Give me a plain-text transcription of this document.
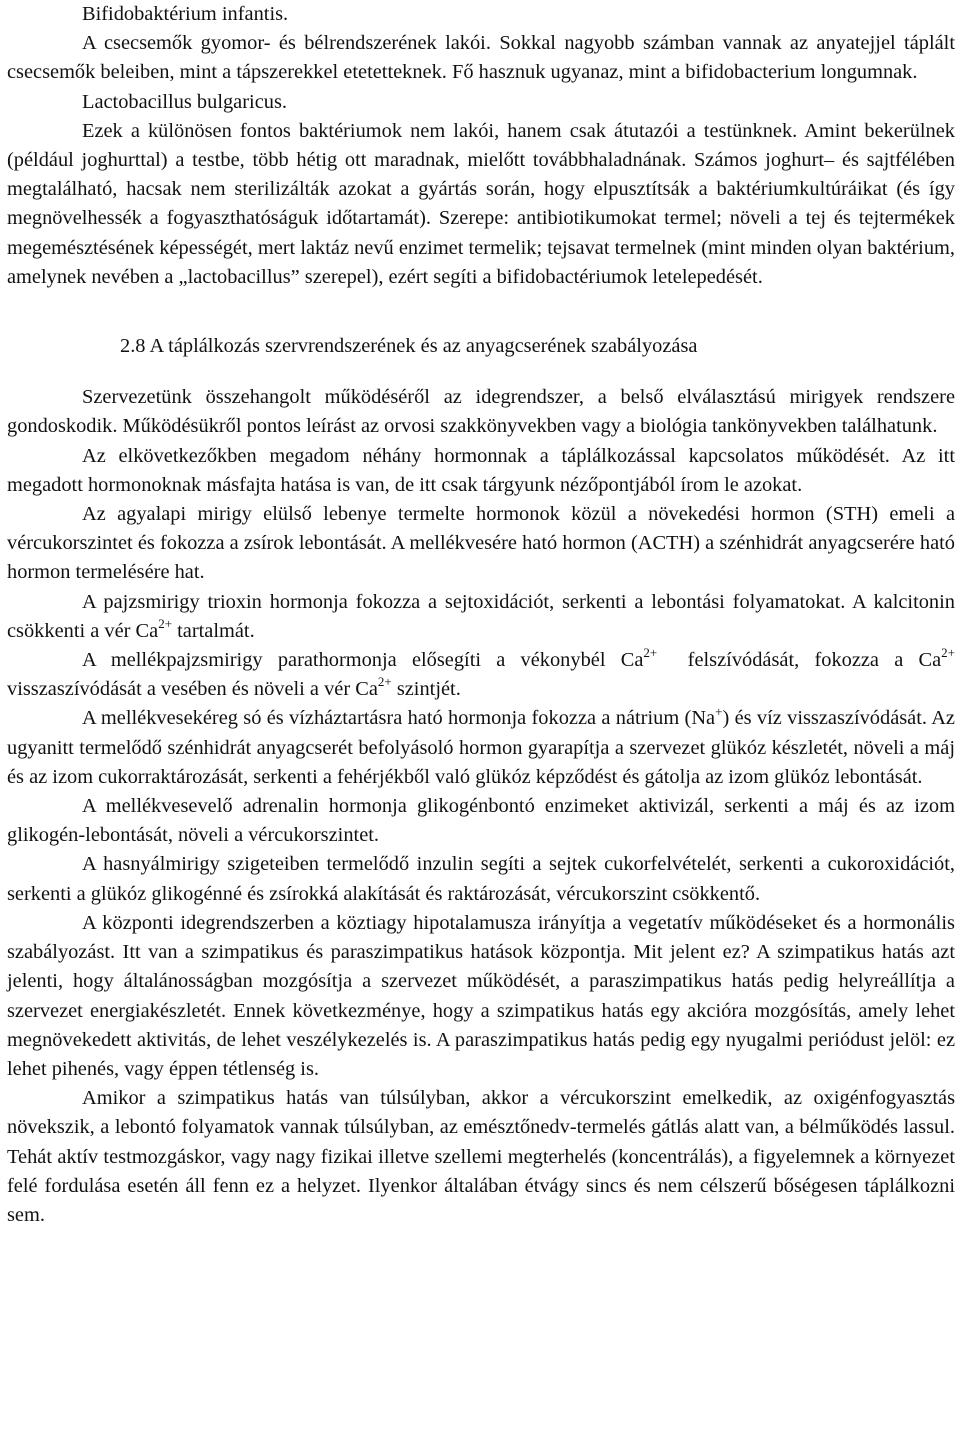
Bifidobaktérium infantis.

A csecsemők gyomor- és bélrendszerének lakói. Sokkal nagyobb számban vannak az anyatejjel táplált csecsemők beleiben, mint a tápszerekkel etetetteknek. Fő hasznuk ugyanaz, mint a bifidobacterium longumnak.

Lactobacillus bulgaricus.

Ezek a különösen fontos baktériumok nem lakói, hanem csak átutazói a testünknek. Amint bekerülnek (például joghurttal) a testbe, több hétig ott maradnak, mielőtt továbbhaladnának. Számos joghurt– és sajtfélében megtalálható, hacsak nem sterilizálták azokat a gyártás során, hogy elpusztítsák a baktériumkultúráikat (és így megnövelhessék a fogyaszthatóságuk időtartamát). Szerepe: antibiotikumokat termel; növeli a tej és tejtermékek megemésztésének képességét, mert laktáz nevű enzimet termelik; tejsavat termelnek (mint minden olyan baktérium, amelynek nevében a „lactobacillus” szerepel), ezért segíti a bifidobactériumok letelepedését.

2.8 A táplálkozás szervrendszerének és az anyagcserének szabályozása

Szervezetünk összehangolt működéséről az idegrendszer, a belső elválasztású mirigyek rendszere gondoskodik. Működésükről pontos leírást az orvosi szakkönyvekben vagy a biológia tankönyvekben találhatunk.

Az elkövetkezőkben megadom néhány hormonnak a táplálkozással kapcsolatos működését. Az itt megadott hormonoknak másfajta hatása is van, de itt csak tárgyunk nézőpontjából írom le azokat.

Az agyalapi mirigy elülső lebenye termelte hormonok közül a növekedési hormon (STH) emeli a vércukorszintet és fokozza a zsírok lebontását. A mellékvesére ható hormon (ACTH) a szénhidrát anyagcserére ható hormon termelésére hat.

A pajzsmirigy trioxin hormonja fokozza a sejtoxidációt, serkenti a lebontási folyamatokat. A kalcitonin csökkenti a vér $Ca^{2+}$ tartalmát.

A mellékpajzsmirigy parathormonja elősegíti a vékonybél $Ca^{2+}$  felszívódását, fokozza a $Ca^{2+}$ visszaszívódását a vesében és növeli a vér $Ca^{2+}$ szintjét.

A mellékvesekéreg só és vízháztartásra ható hormonja fokozza a nátrium (Na+) és víz visszaszívódását. Az ugyanitt termelődő szénhidrát anyagcserét befolyásoló hormon gyarapítja a szervezet glükóz készletét, növeli a máj és az izom cukorraktározását, serkenti a fehérjékből való glükóz képződést és gátolja az izom glükóz lebontását.

A mellékvesevelő adrenalin hormonja glikogénbontó enzimeket aktivizál, serkenti a máj és az izom glikogén-lebontását, növeli a vércukorszintet.

A hasnyálmirigy szigeteiben termelődő inzulin segíti a sejtek cukorfelvételét, serkenti a cukoroxidációt, serkenti a glükóz glikogénné és zsírokká alakítását és raktározását, vércukorszint csökkentő.

A központi idegrendszerben a köztiagy hipotalamusza irányítja a vegetatív működéseket és a hormonális szabályozást. Itt van a szimpatikus és paraszimpatikus hatások központja. Mit jelent ez? A szimpatikus hatás azt jelenti, hogy általánosságban mozgósítja a szervezet működését, a paraszimpatikus hatás pedig helyreállítja a szervezet energiakészletét. Ennek következménye, hogy a szimpatikus hatás egy akcióra mozgósítás, amely lehet megnövekedett aktivitás, de lehet veszélykezelés is. A paraszimpatikus hatás pedig egy nyugalmi periódust jelöl: ez lehet pihenés, vagy éppen tétlenség is.

Amikor a szimpatikus hatás van túlsúlyban, akkor a vércukorszint emelkedik, az oxigénfogyasztás növekszik, a lebontó folyamatok vannak túlsúlyban, az emésztőnedv-termelés gátlás alatt van, a bélműködés lassul. Tehát aktív testmozgáskor, vagy nagy fizikai illetve szellemi megterhelés (koncentrálás), a figyelemnek a környezet felé fordulása esetén áll fenn ez a helyzet. Ilyenkor általában étvágy sincs és nem célszerű bőségesen táplálkozni sem.
